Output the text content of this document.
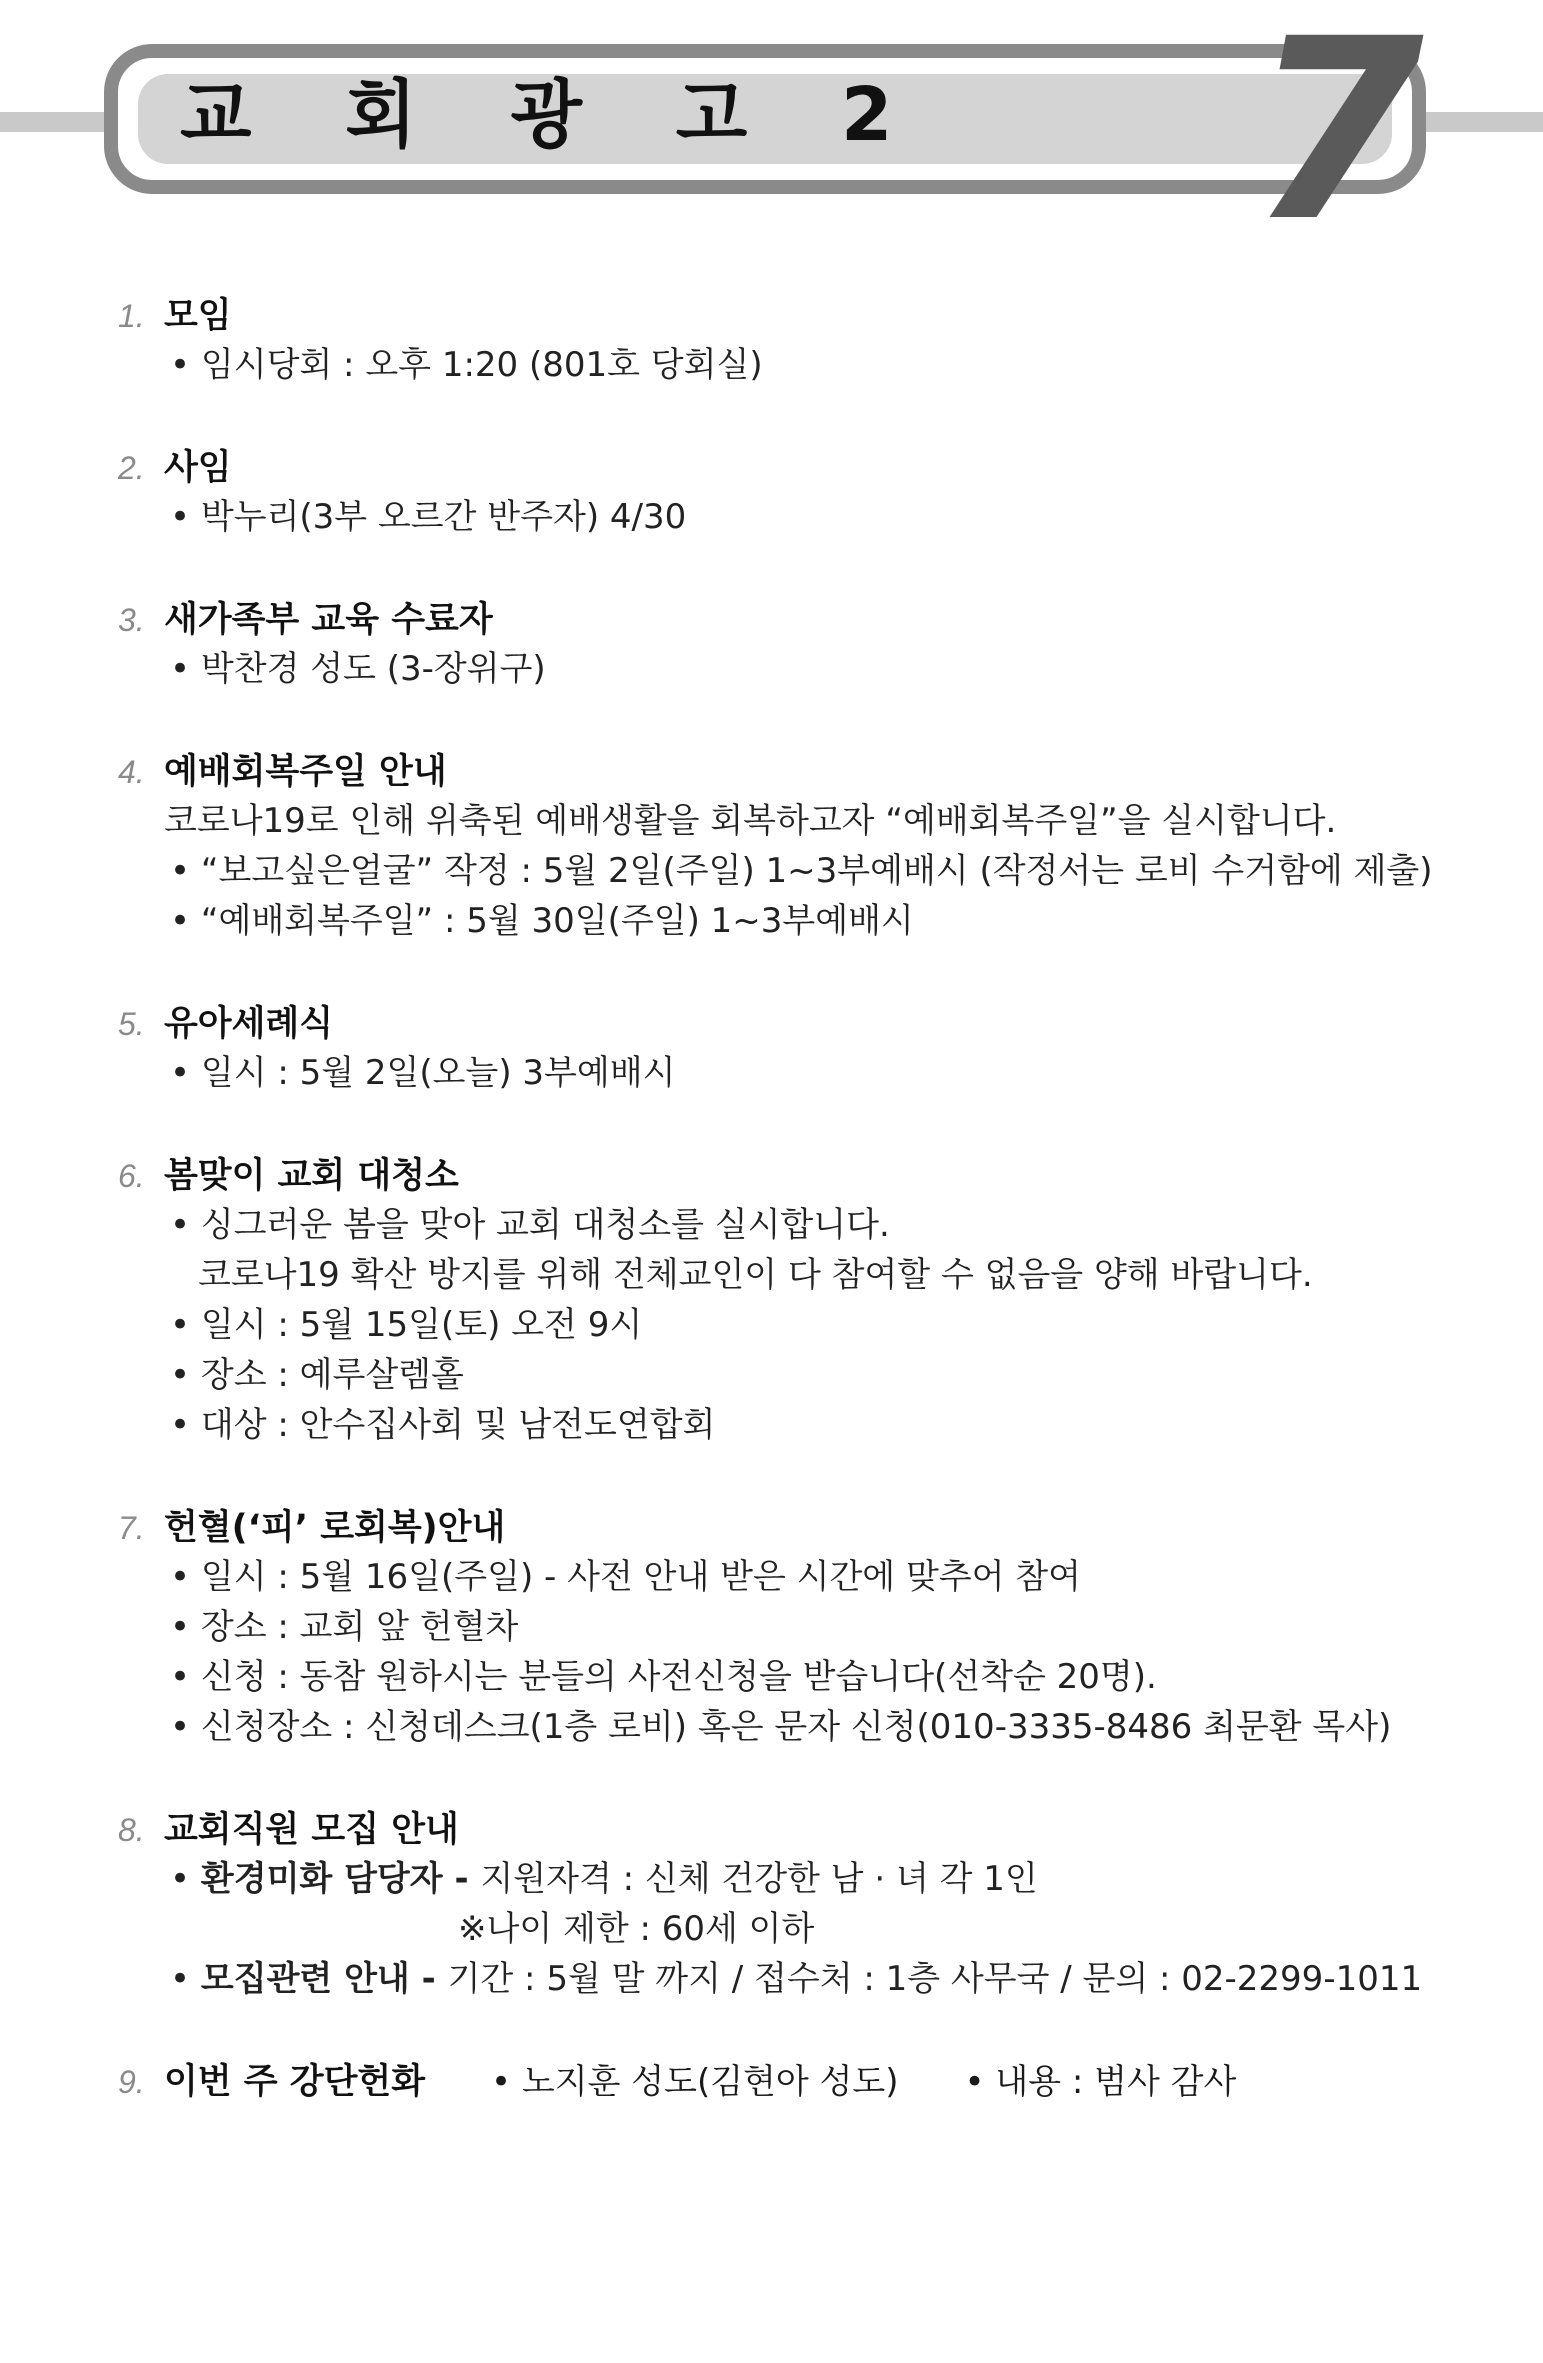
교 회 광 고 2 7
1. 모임
• 임시당회 : 오후 1:20 (801호 당회실)
2. 사임
• 박누리(3부 오르간 반주자) 4/30
3. 새가족부 교육 수료자
• 박찬경 성도 (3-장위구)
4. 예배회복주일 안내
코로나19로 인해 위축된 예배생활을 회복하고자 “예배회복주일”을 실시합니다.
• “보고싶은얼굴” 작정 : 5월 2일(주일) 1~3부예배시 (작정서는 로비 수거함에 제출)
• “예배회복주일” : 5월 30일(주일) 1~3부예배시
5. 유아세례식
• 일시 : 5월 2일(오늘) 3부예배시
6. 봄맞이 교회 대청소
• 싱그러운 봄을 맞아 교회 대청소를 실시합니다.
코로나19 확산 방지를 위해 전체교인이 다 참여할 수 없음을 양해 바랍니다.
• 일시 : 5월 15일(토) 오전 9시
• 장소 : 예루살렘홀
• 대상 : 안수집사회 및 남전도연합회
7. 헌혈(‘피’ 로회복)안내
• 일시 : 5월 16일(주일) - 사전 안내 받은 시간에 맞추어 참여
• 장소 : 교회 앞 헌혈차
• 신청 : 동참 원하시는 분들의 사전신청을 받습니다(선착순 20명).
• 신청장소 : 신청데스크(1층 로비) 혹은 문자 신청(010-3335-8486 최문환 목사)
8. 교회직원 모집 안내
• 환경미화 담당자 - 지원자격 : 신체 건강한 남 · 녀 각 1인
※나이 제한 : 60세 이하
• 모집관련 안내 - 기간 : 5월 말 까지 / 접수처 : 1층 사무국 / 문의 : 02-2299-1011
9. 이번 주 강단헌화	• 노지훈 성도(김현아 성도)	• 내용 : 범사 감사
